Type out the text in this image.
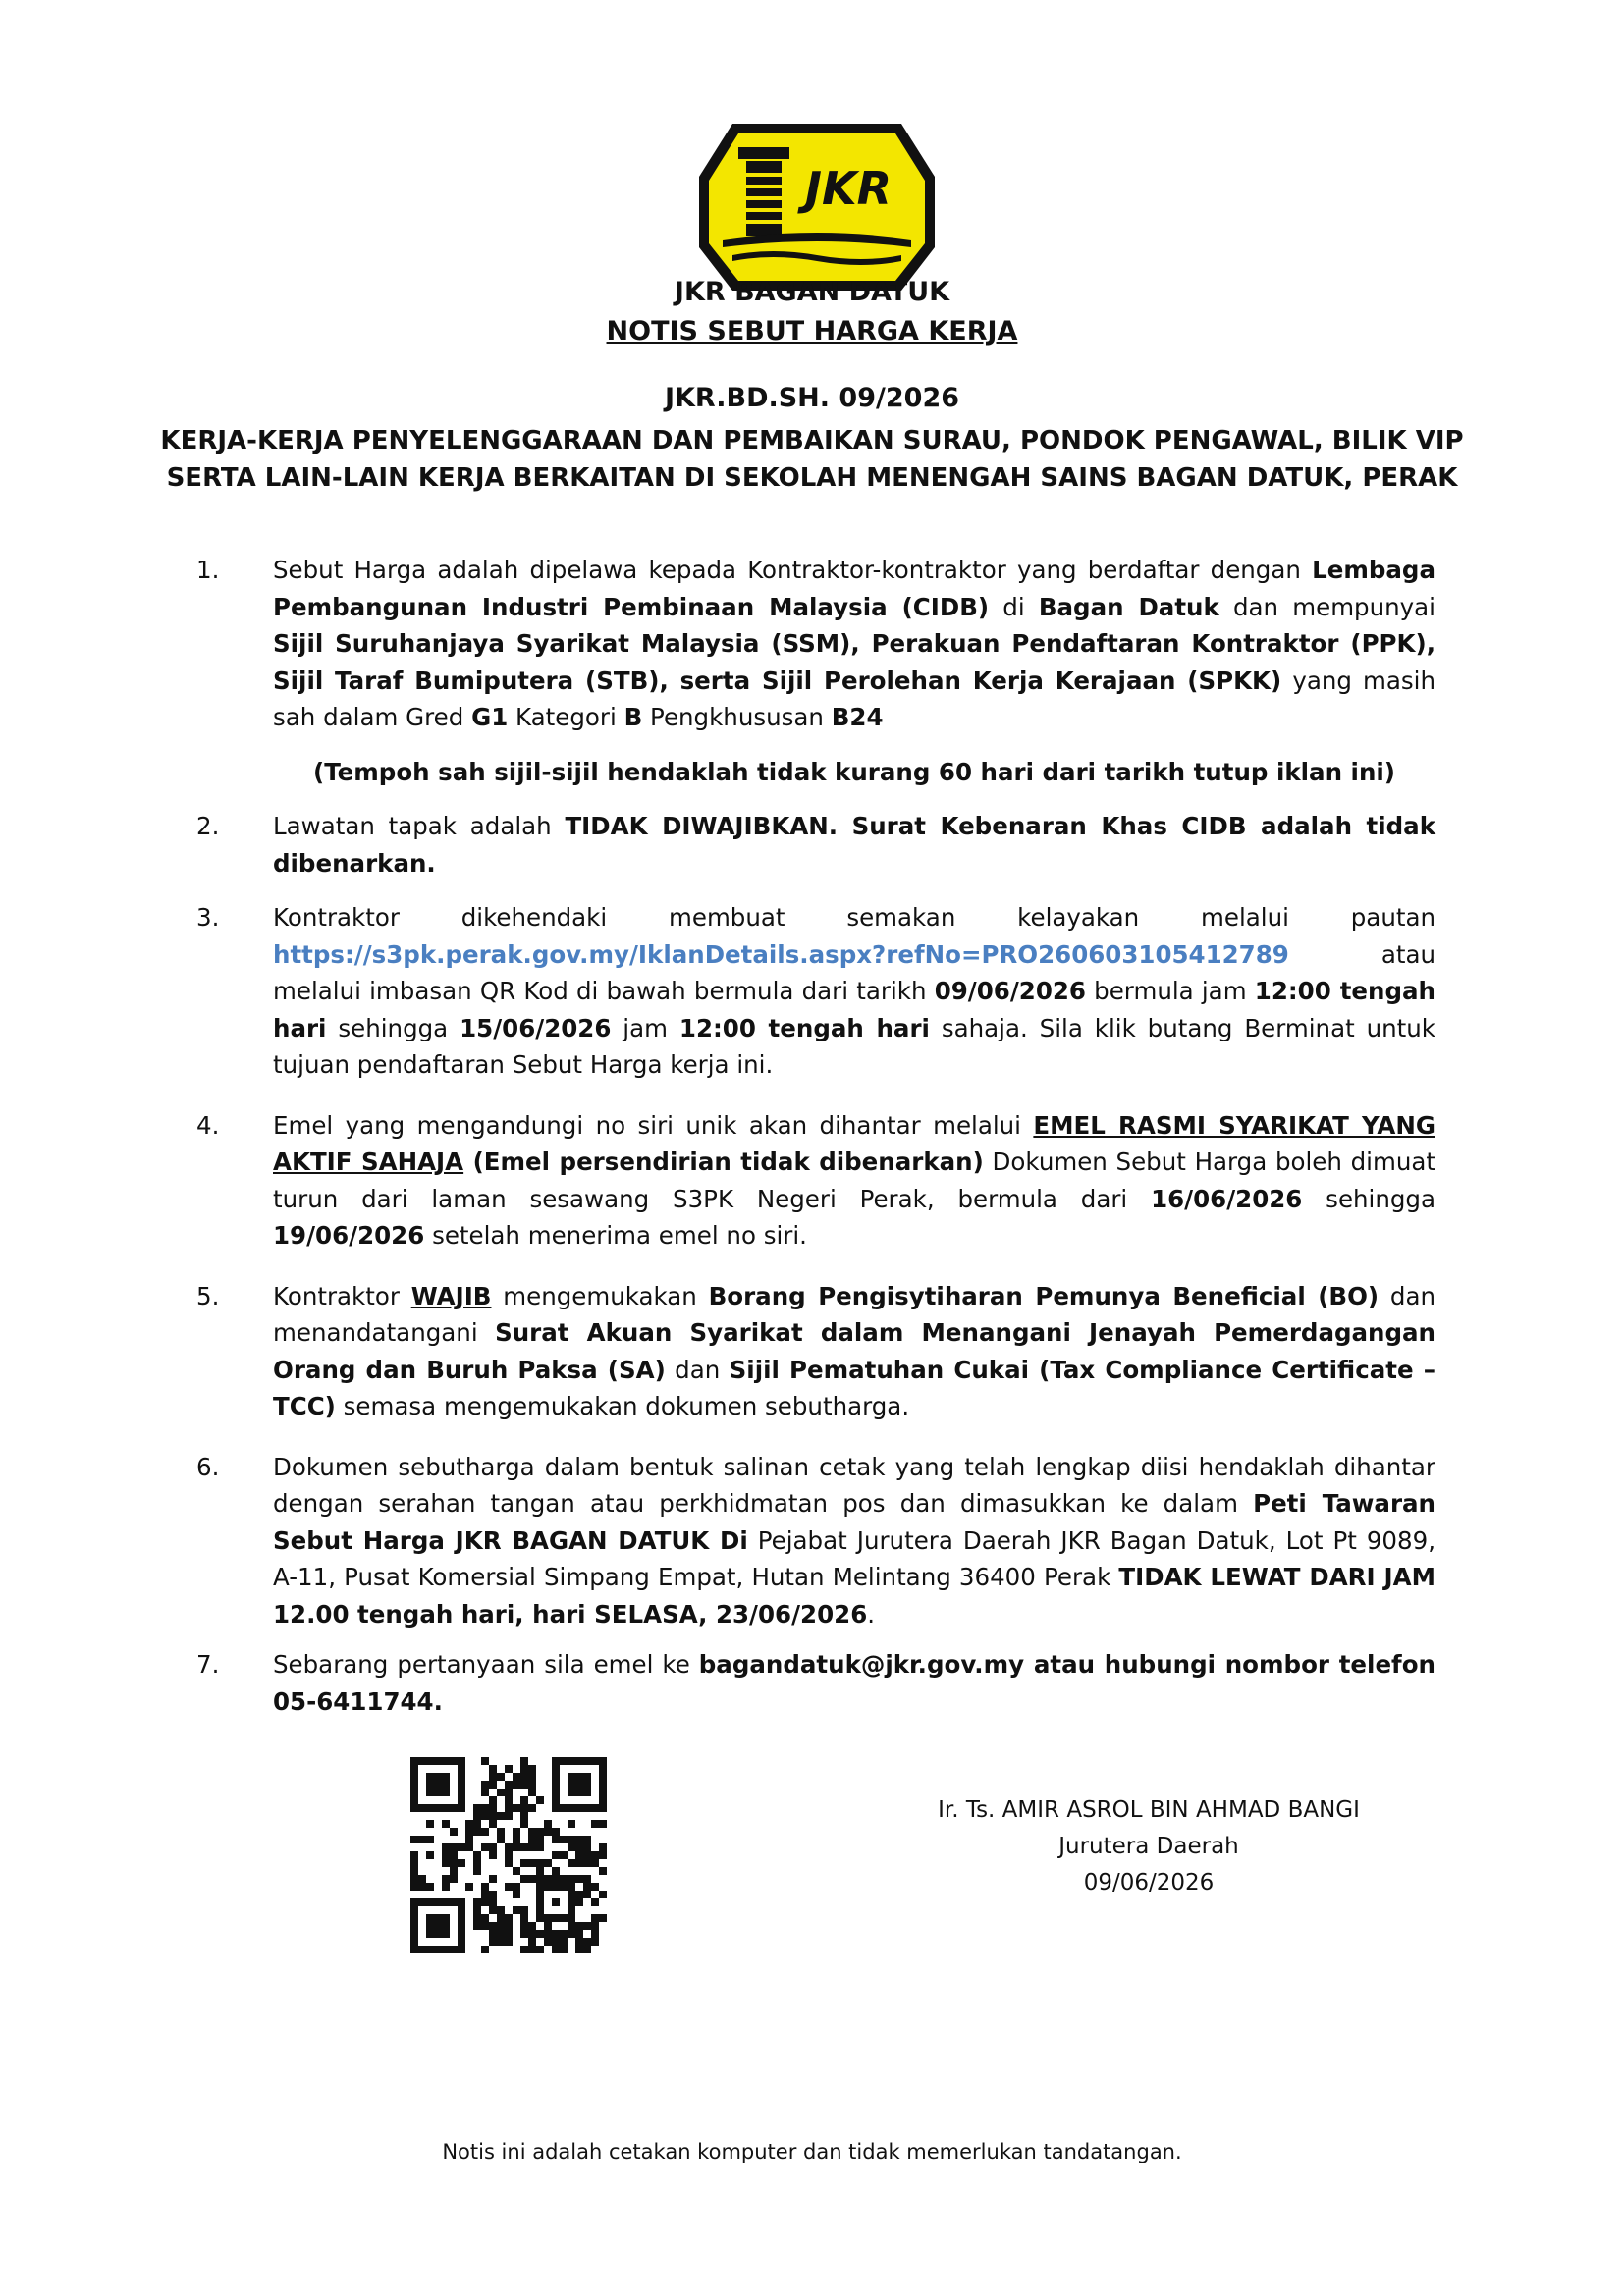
JKR
JKR BAGAN DATUK
NOTIS SEBUT HARGA KERJA
JKR.BD.SH. 09/2026
KERJA-KERJA PENYELENGGARAAN DAN PEMBAIKAN SURAU, PONDOK PENGAWAL, BILIK VIP SERTA LAIN-LAIN KERJA BERKAITAN DI SEKOLAH MENENGAH SAINS BAGAN DATUK, PERAK
1. Sebut Harga adalah dipelawa kepada Kontraktor-kontraktor yang berdaftar dengan Lembaga Pembangunan Industri Pembinaan Malaysia (CIDB) di Bagan Datuk dan mempunyai Sijil Suruhanjaya Syarikat Malaysia (SSM), Perakuan Pendaftaran Kontraktor (PPK), Sijil Taraf Bumiputera (STB), serta Sijil Perolehan Kerja Kerajaan (SPKK) yang masih sah dalam Gred G1 Kategori B Pengkhususan B24
(Tempoh sah sijil-sijil hendaklah tidak kurang 60 hari dari tarikh tutup iklan ini)
2. Lawatan tapak adalah TIDAK DIWAJIBKAN. Surat Kebenaran Khas CIDB adalah tidak dibenarkan.
3. Kontraktor dikehendaki membuat semakan kelayakan melalui pautan https://s3pk.perak.gov.my/IklanDetails.aspx?refNo=PRO260603105412789 atau melalui imbasan QR Kod di bawah bermula dari tarikh 09/06/2026 bermula jam 12:00 tengah hari sehingga 15/06/2026 jam 12:00 tengah hari sahaja. Sila klik butang Berminat untuk tujuan pendaftaran Sebut Harga kerja ini.
4. Emel yang mengandungi no siri unik akan dihantar melalui EMEL RASMI SYARIKAT YANG AKTIF SAHAJA (Emel persendirian tidak dibenarkan) Dokumen Sebut Harga boleh dimuat turun dari laman sesawang S3PK Negeri Perak, bermula dari 16/06/2026 sehingga 19/06/2026 setelah menerima emel no siri.
5. Kontraktor WAJIB mengemukakan Borang Pengisytiharan Pemunya Beneficial (BO) dan menandatangani Surat Akuan Syarikat dalam Menangani Jenayah Pemerdagangan Orang dan Buruh Paksa (SA) dan Sijil Pematuhan Cukai (Tax Compliance Certificate – TCC) semasa mengemukakan dokumen sebutharga.
6. Dokumen sebutharga dalam bentuk salinan cetak yang telah lengkap diisi hendaklah dihantar dengan serahan tangan atau perkhidmatan pos dan dimasukkan ke dalam Peti Tawaran Sebut Harga JKR BAGAN DATUK Di Pejabat Jurutera Daerah JKR Bagan Datuk, Lot Pt 9089, A-11, Pusat Komersial Simpang Empat, Hutan Melintang 36400 Perak TIDAK LEWAT DARI JAM 12.00 tengah hari, hari SELASA, 23/06/2026.
7. Sebarang pertanyaan sila emel ke bagandatuk@jkr.gov.my atau hubungi nombor telefon 05-6411744.
Ir. Ts. AMIR ASROL BIN AHMAD BANGI
Jurutera Daerah
09/06/2026
Notis ini adalah cetakan komputer dan tidak memerlukan tandatangan.
